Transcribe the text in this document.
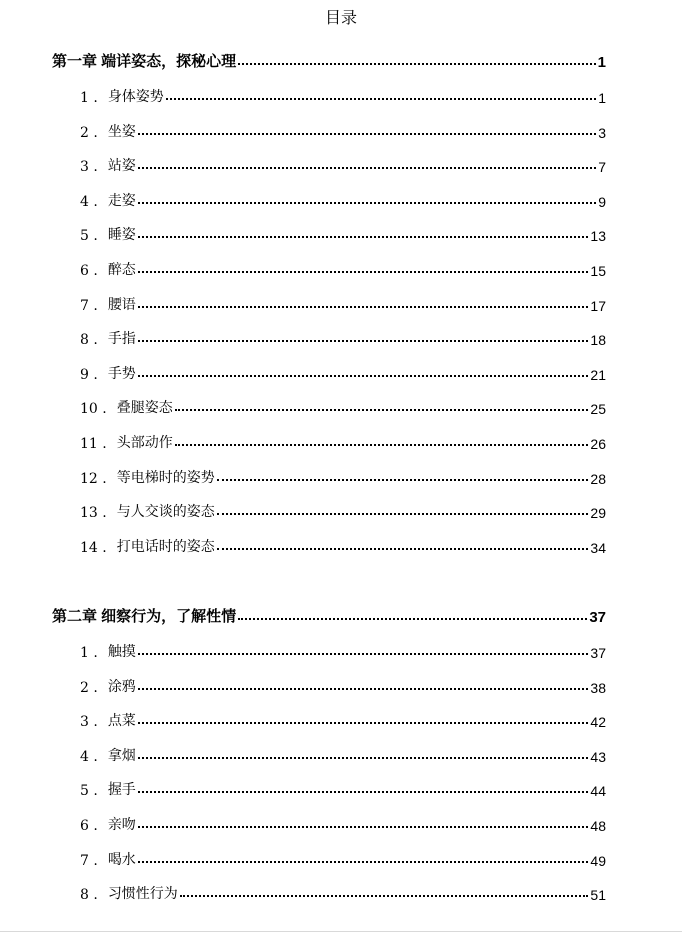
目录
第一章 端详姿态，探秘心理	1
1 . 身体姿势	1
2 . 坐姿	3
3 . 站姿	7
4 . 走姿	9
5 . 睡姿	13
6 . 醉态	15
7 . 腰语	17
8 . 手指	18
9 . 手势	21
10 . 叠腿姿态	25
11 . 头部动作	26
12 . 等电梯时的姿势	28
13 . 与人交谈的姿态	29
14 . 打电话时的姿态	34
第二章 细察行为，了解性情	37
1 . 触摸	37
2 . 涂鸦	38
3 . 点菜	42
4 . 拿烟	43
5 . 握手	44
6 . 亲吻	48
7 . 喝水	49
8 . 习惯性行为	51
